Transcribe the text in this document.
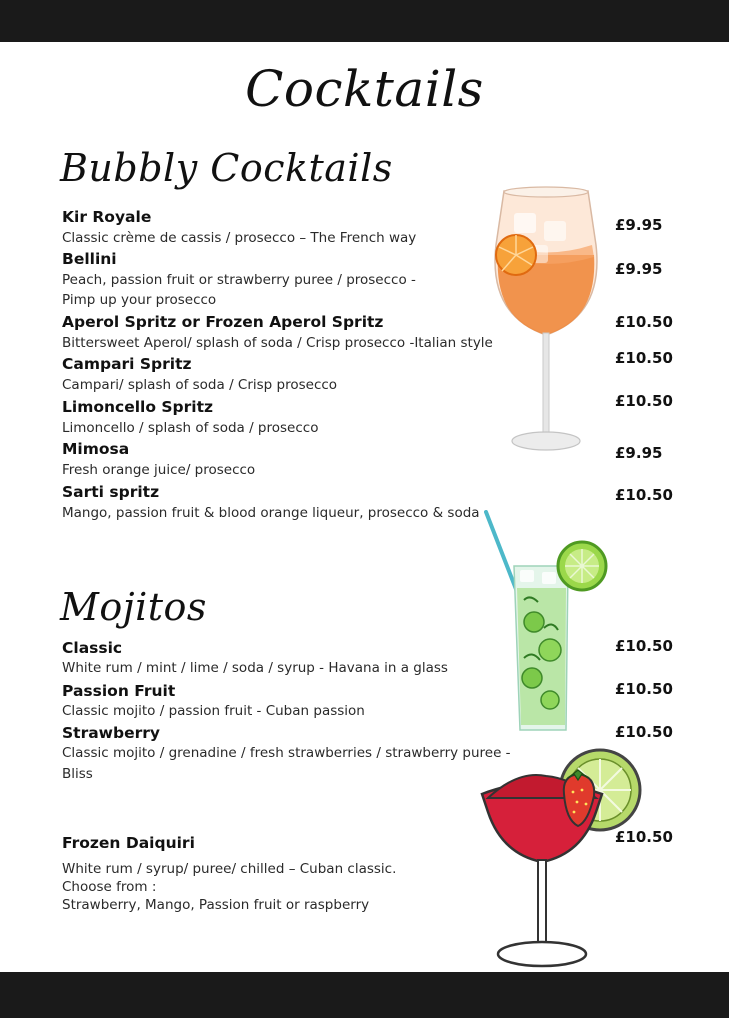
Cocktails
Bubbly Cocktails
Kir Royale
Classic crème de cassis / prosecco – The French way
£9.95
Bellini
Peach, passion fruit or strawberry puree / prosecco -
Pimp up your prosecco
£9.95
Aperol Spritz or Frozen Aperol Spritz
Bittersweet Aperol/ splash of soda / Crisp prosecco -Italian style
£10.50
Campari Spritz
Campari/ splash of soda / Crisp prosecco
£10.50
Limoncello Spritz
Limoncello / splash of soda / prosecco
£10.50
Mimosa
Fresh orange juice/ prosecco
£9.95
Sarti spritz
Mango, passion fruit & blood orange liqueur, prosecco & soda
£10.50
Mojitos
Classic
White rum / mint / lime / soda / syrup - Havana in a glass
£10.50
Passion Fruit
Classic mojito / passion fruit - Cuban passion
£10.50
Strawberry
Classic mojito / grenadine / fresh strawberries / strawberry puree -
Bliss
£10.50
Frozen Daiquiri
White rum / syrup/ puree/ chilled – Cuban classic.
Choose from :
Strawberry, Mango, Passion fruit or raspberry
£10.50
